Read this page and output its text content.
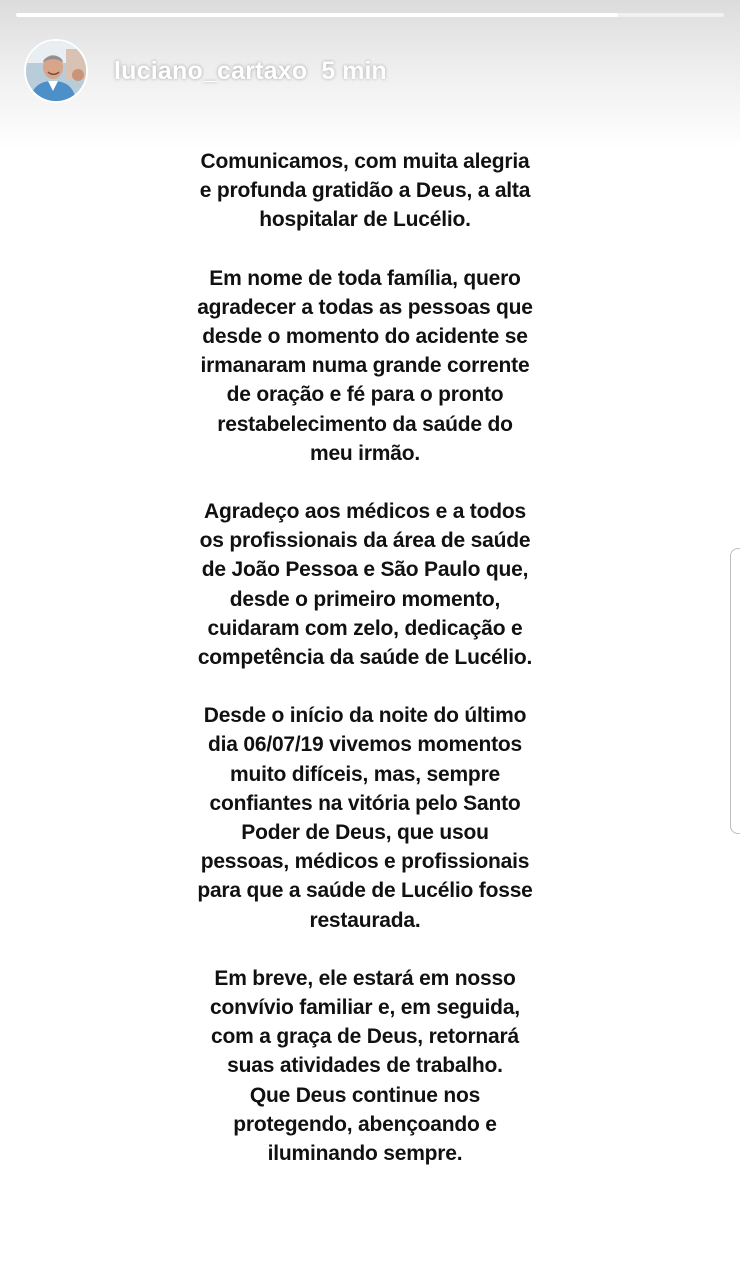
luciano_cartaxo 5 min
Comunicamos, com muita alegria
e profunda gratidão a Deus, a alta
hospitalar de Lucélio.
Em nome de toda família, quero
agradecer a todas as pessoas que
desde o momento do acidente se
irmanaram numa grande corrente
de oração e fé para o pronto
restabelecimento da saúde do
meu irmão.
Agradeço aos médicos e a todos
os profissionais da área de saúde
de João Pessoa e São Paulo que,
desde o primeiro momento,
cuidaram com zelo, dedicação e
competência da saúde de Lucélio.
Desde o início da noite do último
dia 06/07/19 vivemos momentos
muito difíceis, mas, sempre
confiantes na vitória pelo Santo
Poder de Deus, que usou
pessoas, médicos e profissionais
para que a saúde de Lucélio fosse
restaurada.
Em breve, ele estará em nosso
convívio familiar e, em seguida,
com a graça de Deus, retornará
suas atividades de trabalho.
Que Deus continue nos
protegendo, abençoando e
iluminando sempre.
